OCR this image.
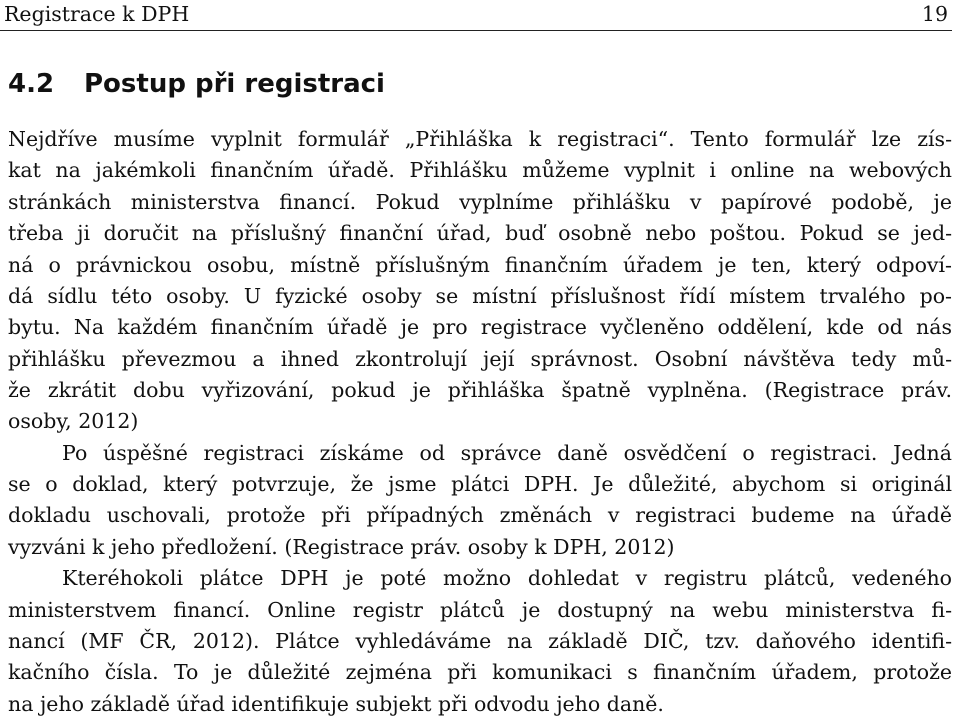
Registrace k DPH	19
4.2 Postup při registraci
Nejdříve musíme vyplnit formulář „Přihláška k registraci“. Tento formulář lze zís-
kat na jakémkoli finančním úřadě. Přihlášku můžeme vyplnit i online na webových
stránkách ministerstva financí. Pokud vyplníme přihlášku v papírové podobě, je
třeba ji doručit na příslušný finanční úřad, buď osobně nebo poštou. Pokud se jed-
ná o právnickou osobu, místně příslušným finančním úřadem je ten, který odpoví-
dá sídlu této osoby. U fyzické osoby se místní příslušnost řídí místem trvalého po-
bytu. Na každém finančním úřadě je pro registrace vyčleněno oddělení, kde od nás
přihlášku převezmou a ihned zkontrolují její správnost. Osobní návštěva tedy mů-
že zkrátit dobu vyřizování, pokud je přihláška špatně vyplněna. (Registrace práv.
osoby, 2012)
Po úspěšné registraci získáme od správce daně osvědčení o registraci. Jedná
se o doklad, který potvrzuje, že jsme plátci DPH. Je důležité, abychom si originál
dokladu uschovali, protože při případných změnách v registraci budeme na úřadě
vyzváni k jeho předložení. (Registrace práv. osoby k DPH, 2012)
Kteréhokoli plátce DPH je poté možno dohledat v registru plátců, vedeného
ministerstvem financí. Online registr plátců je dostupný na webu ministerstva fi-
nancí (MF ČR, 2012). Plátce vyhledáváme na základě DIČ, tzv. daňového identifi-
kačního čísla. To je důležité zejména při komunikaci s finančním úřadem, protože
na jeho základě úřad identifikuje subjekt při odvodu jeho daně.
